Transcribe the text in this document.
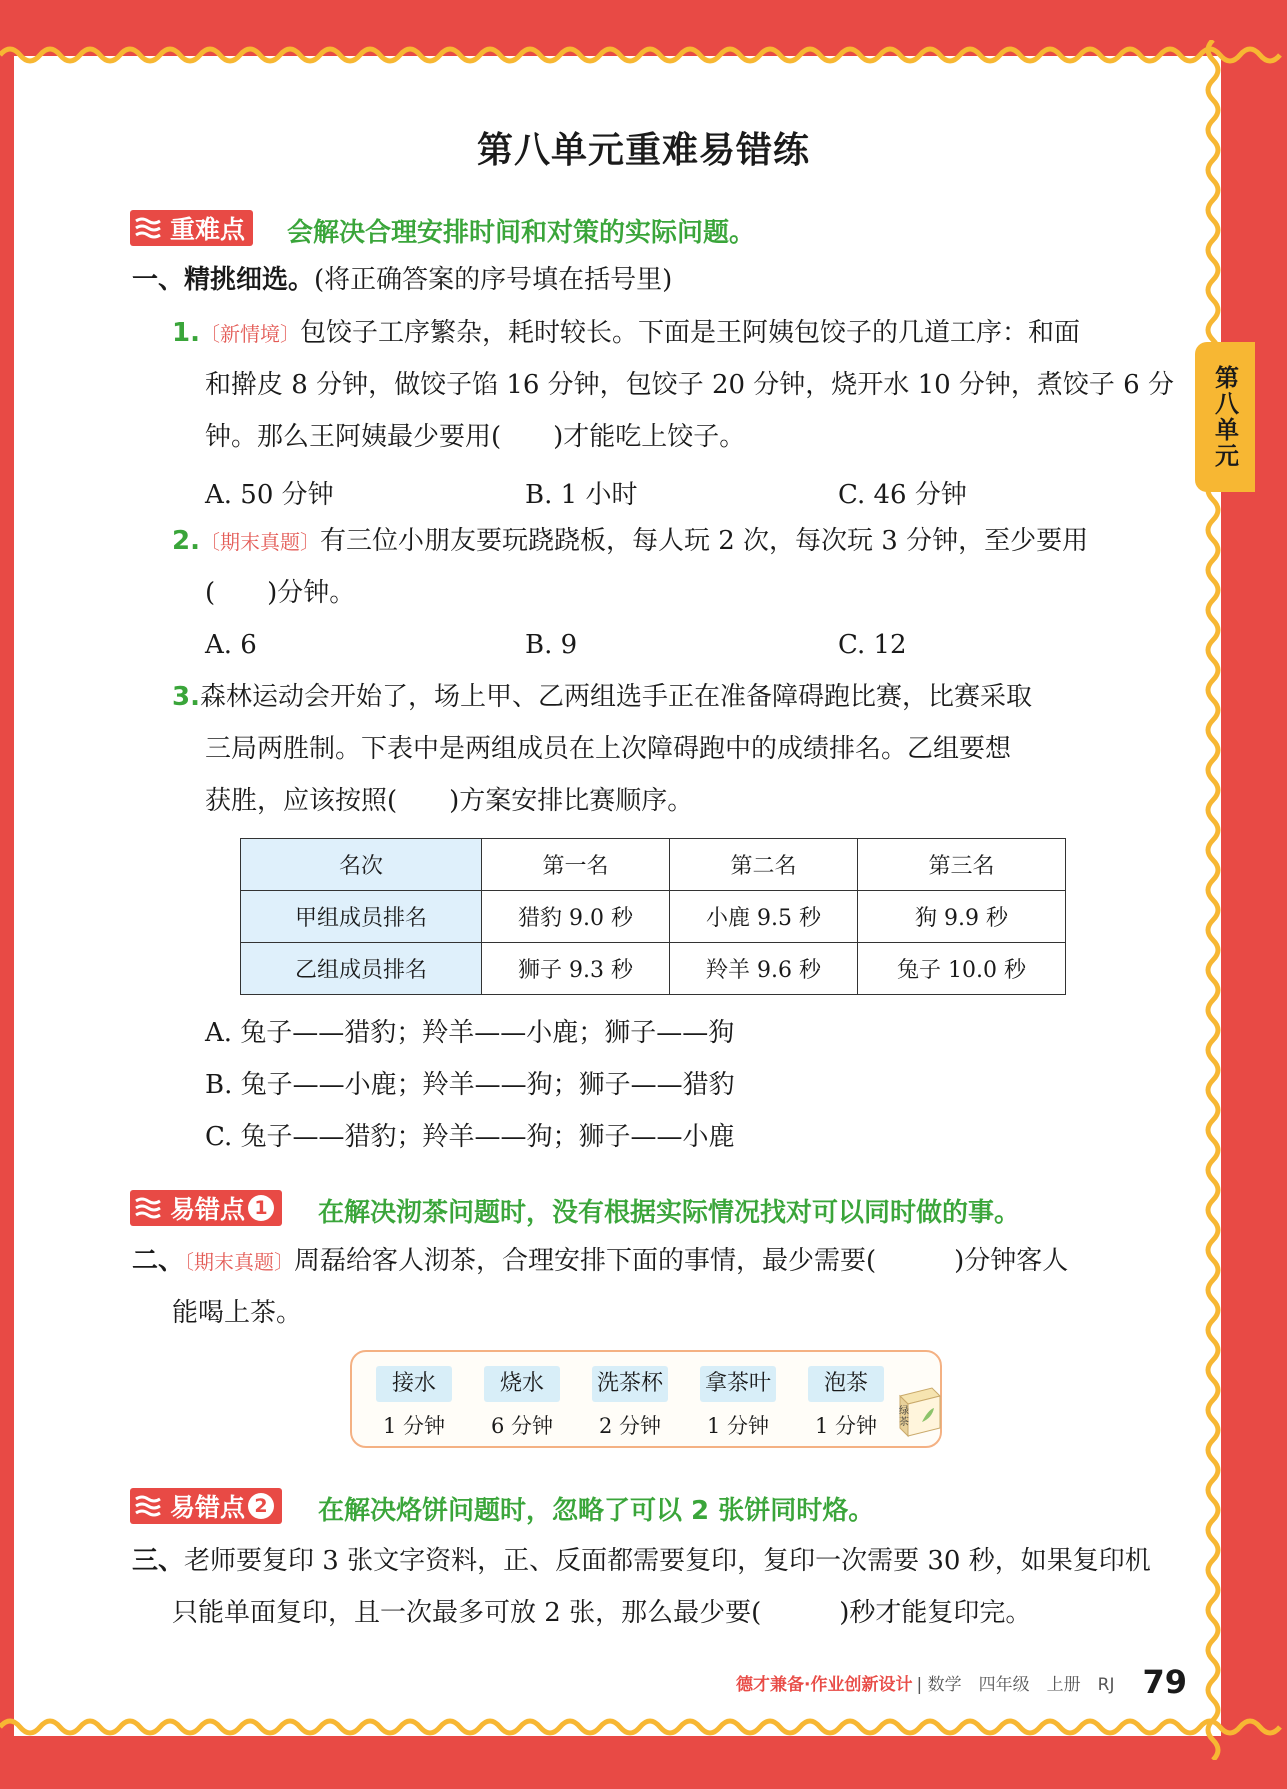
第八单元重难易错练
第八单元
重难点 会解决合理安排时间和对策的实际问题。
一、精挑细选。(将正确答案的序号填在括号里)
1.〔新情境〕包饺子工序繁杂，耗时较长。下面是王阿姨包饺子的几道工序：和面
和擀皮 8 分钟，做饺子馅 16 分钟，包饺子 20 分钟，烧开水 10 分钟，煮饺子 6 分
钟。那么王阿姨最少要用(　　)才能吃上饺子。
A. 50 分钟	B. 1 小时	C. 46 分钟
2.〔期末真题〕有三位小朋友要玩跷跷板，每人玩 2 次，每次玩 3 分钟，至少要用
(　　)分钟。
A. 6	B. 9	C. 12
3.森林运动会开始了，场上甲、乙两组选手正在准备障碍跑比赛，比赛采取
三局两胜制。下表中是两组成员在上次障碍跑中的成绩排名。乙组要想
获胜，应该按照(　　)方案安排比赛顺序。
名次	第一名	第二名	第三名
甲组成员排名	猎豹 9.0 秒	小鹿 9.5 秒	狗 9.9 秒
乙组成员排名	狮子 9.3 秒	羚羊 9.6 秒	兔子 10.0 秒
A. 兔子——猎豹；羚羊——小鹿；狮子——狗
B. 兔子——小鹿；羚羊——狗；狮子——猎豹
C. 兔子——猎豹；羚羊——狗；狮子——小鹿
易错点 1 在解决沏茶问题时，没有根据实际情况找对可以同时做的事。
二、〔期末真题〕周磊给客人沏茶，合理安排下面的事情，最少需要(　　　)分钟客人
能喝上茶。
接水
1 分钟
烧水
6 分钟
洗茶杯
2 分钟
拿茶叶
1 分钟
泡茶
1 分钟
绿茶
易错点 2 在解决烙饼问题时，忽略了可以 2 张饼同时烙。
三、老师要复印 3 张文字资料，正、反面都需要复印，复印一次需要 30 秒，如果复印机
只能单面复印，且一次最多可放 2 张，那么最少要(　　　)秒才能复印完。
德才兼备·作业创新设计 | 数学　四年级　上册　RJ 79
